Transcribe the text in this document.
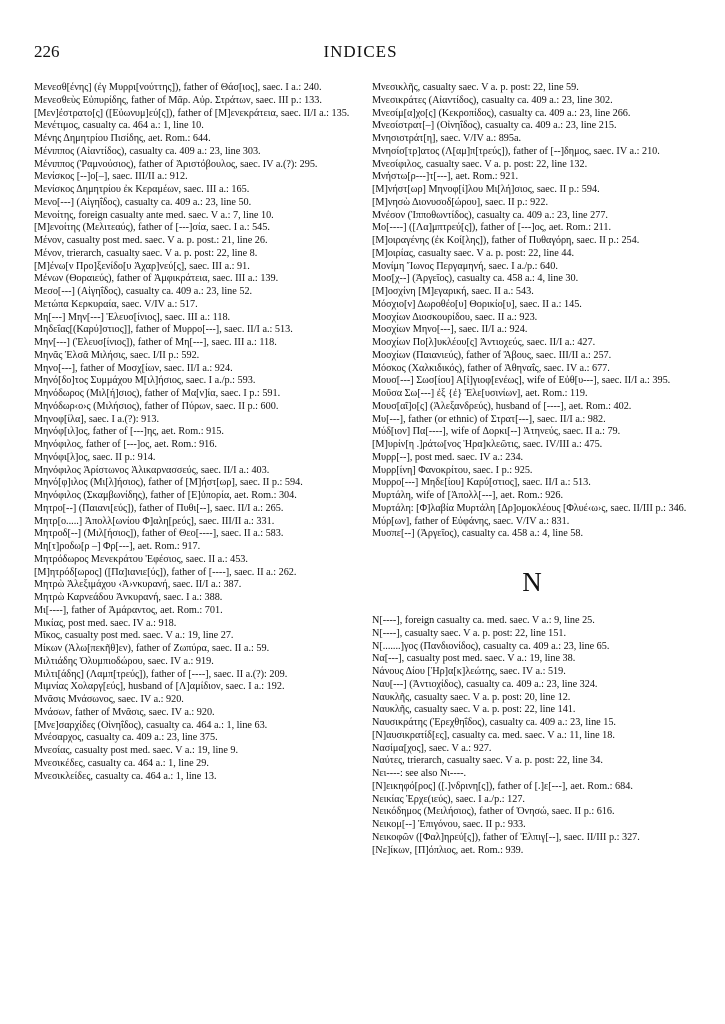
226	INDICES

Μενεσθ[ένης] (ἐγ Μυρρι[νούττης]), father of Θάσ[ιος], saec. I a.: 240.

Μενεσθεὺς Εὐπυρίδης, father of Μᾶρ. Αὐρ. Στράτων, saec. III p.: 133.

[Μεν]έστρατο[ς] ([Εὐωνυμ]εύ[ς]), father of [Μ]ενεκράτεια, saec. II/I a.: 135.

Μενέτιμος, casualty ca. 464 a.: 1, line 10.

Μένης Δημητρίου Πισίδης, aet. Rom.: 644.

Μένιππος (Αἰαντίδος), casualty ca. 409 a.: 23, line 303.

Μένιππος (Ῥαμνούσιος), father of Ἀριστόβουλος, saec. IV a.(?): 295.

Μενίσκος [--]ο[–], saec. III/II a.: 912.

Μενίσκος Δημητρίου ἐκ Κεραμέων, saec. III a.: 165.

Μενο[---] (Αἰγηΐδος), casualty ca. 409 a.: 23, line 50.

Μενοίτης, foreign casualty ante med. saec. V a.: 7, line 10.

[Μ]ενοίτης (Μελιτεαύς), father of [---]σία, saec. I a.: 545.

Μένον, casualty post med. saec. V a. p. post.: 21, line 26.

Μένον, trierarch, casualty saec. V a. p. post: 22, line 8.

[Μ]ένω[ν Προ]ξενίδο[υ Ἀχαρ]νεύ[ς], saec. III a.: 91.

Μένων (Θοραιεύς), father of Ἀμφικράτεια, saec. III a.: 139.

Μεσο[---] (Αἰγηΐδος), casualty ca. 409 a.: 23, line 52.

Μετώπα Κερκυραία, saec. V/IV a.: 517.

Μη[---] Μην[---] Ἐλευσ[ίνιος], saec. III a.: 118.

Μηδεΐας[(Καρύ]στιος]], father of Μυρρο[---], saec. II/I a.: 513.

Μην[---] (Ἐλευσ[ίνιος]), father of Μη[---], saec. III a.: 118.

Μηνᾶς Ἐλσᾶ Μιλήσις, saec. I/II p.: 592.

Μηνο[---], father of Μοσχ[ίων, saec. II/I a.: 924.

Μηνό[δο]τος Συμμάχου Μ[ιλ]ήσιος, saec. I a./p.: 593.

Μηνόδωρος (Μιλ[ή]σιος), father of Μα[ν]ία, saec. I p.: 591.

Μηνόδωρ‹ο›ς (Μιλήσιος), father of Πύρων, saec. II p.: 600.

Μηνοφ[ίλα], saec. I a.(?): 913.

Μηνόφ[ιλ]ος, father of [---]ης, aet. Rom.: 915.

Μηνόφιλος, father of [---]ος, aet. Rom.: 916.

Μηνόφι[λ]ος, saec. II p.: 914.

Μηνόφιλος Ἀρίστωνος Ἁλικαρνασσεύς, saec. II/I a.: 403.

Μηνό[φ]ιλος (Μι[λ]ήσιος), father of [Μ]ήστ[ωρ], saec. II p.: 594.

Μηνόφιλος (Σκαμβωνίδης), father of [Ε]ὐπορία, aet. Rom.: 304.

Μητρο[--] (Παιανι[εύς]), father of Πυθι[--], saec. II/I a.: 265.

Μητρ[ο.....] Ἀπολλ[ωνίου Φ]αλη[ρεύς], saec. III/II a.: 331.

Μητροδ[--] (Μιλ[ήσιος]), father of Θεο[----], saec. II a.: 583.

Μη[τ]ροδω[ρ –] Φρ[---], aet. Rom.: 917.

Μητρόδωρος Μενεκράτου Ἐφέσιος, saec. II a.: 453.

[Μ]ητρόδ[ωρος] ([Πα]ιανιε[ύς]), father of [----], saec. II a.: 262.

Μητρὼ Ἀλεξιμάχου ‹Ἀ›νκυρανή, saec. II/I a.: 387.

Μητρὼ Καρνεάδου Ἀνκυρανή, saec. I a.: 388.

Μι[----], father of Ἀμάραντος, aet. Rom.: 701.

Μικίας, post med. saec. IV a.: 918.

Μῖκος, casualty post med. saec. V a.: 19, line 27.

Μίκων (Ἀλω[πεκῆθ]εν), father of Ζωπύρα, saec. II a.: 59.

Μιλτιάδης Ὀλυμπιοδώρου, saec. IV a.: 919.

Μιλτι[άδης] (Λαμπ[τρεύς]), father of [----], saec. II a.(?): 209.

Μιμνίας Χολαργ[εύς], husband of [Λ]αμίδιον, saec. I a.: 192.

Μνᾶσις Μνάσωνος, saec. IV a.: 920.

Μνάσων, father of Μνᾶσις, saec. IV a.: 920.

[Μνε]σαρχίδες (Οἰνηΐδος), casualty ca. 464 a.: 1, line 63.

Μνέσαρχος, casualty ca. 409 a.: 23, line 375.

Μνεσίας, casualty post med. saec. V a.: 19, line 9.

Μνεσικέδες, casualty ca. 464 a.: 1, line 29.

Μνεσικλείδες, casualty ca. 464 a.: 1, line 13.

Μνεσικλῆς, casualty saec. V a. p. post: 22, line 59.

Μνεσικράτες (Αἰαντίδος), casualty ca. 409 a.: 23, line 302.

Μνεσίμ[α]χο[ς] (Κεκροπίδος), casualty ca. 409 a.: 23, line 266.

Μνεσίστρατ[–] (Οἰνηΐδος), casualty ca. 409 a.: 23, line 215.

Μνησιστράτ[η], saec. V/IV a.: 895a.

Μνησίσ[τρ]ατος (Λ[αμ]π[τρεύς]), father of [--]δημος, saec. IV a.: 210.

Μνεσίφιλος, casualty saec. V a. p. post: 22, line 132.

Μνήστω[ρ---]τ[---], aet. Rom.: 921.

[Μ]νήστ[ωρ] Μηνοφ[ί]λου Μι[λή]σιος, saec. II p.: 594.

[Μ]νησὼ Διονυσοδ[ώρου], saec. II p.: 922.

Μνέσον (Ἱπποθωντίδος), casualty ca. 409 a.: 23, line 277.

Μο[----] ([Λα]μπτρεύ[ς]), father of [---]ος, aet. Rom.: 211.

[Μ]οιραγένης (ἐκ Κοί[λης]), father of Πυθαγόρη, saec. II p.: 254.

[Μ]οιρίας, casualty saec. V a. p. post: 22, line 44.

Μονίμη Ἴωνος Περγαμηνή, saec. I a./p.: 640.

Μοσ[χ--] (Ἀργεῖος), casualty ca. 458 a.: 4, line 30.

[Μ]οσχίνη [Μ]εγαρική, saec. II a.: 543.

Μόσχιο[ν] Δωροθέο[υ] Θορικίο[υ], saec. II a.: 145.

Μοσχίων Διοσκουρίδου, saec. II a.: 923.

Μοσχίων Μηνο[---], saec. II/I a.: 924.

Μοσχίων Πο[λ]υκλέου[ς] Ἀντιοχεύς, saec. II/I a.: 427.

Μοσχίων (Παιανιεύς), father of Ἄβους, saec. III/II a.: 257.

Μόσκος (Χαλκιδικός), father of Ἀθηναΐς, saec. IV a.: 677.

Μουσ[---] Σωσ[ίου] Α[ἰ]γιοφ[ενέως], wife of Εὐθ[υ---], saec. II/I a.: 395.

Μοῦσα Σω[---] ἐξ {ἐ} Ἐλε[υσινίων], aet. Rom.: 119.

Μουσ[αῖ]ο[ς] (Ἀλεξανδρεύς), husband of [----], aet. Rom.: 402.

Μυ[---], father (or ethnic) of Στρατ[---], saec. II/I a.: 982.

Μύδ[ιον] Πα[----], wife of Δορκι[--] Ἀτηνεύς, saec. II a.: 79.

[Μ]υρίν[η .]ράτω[νος Ἡρα]κλεῶτις, saec. IV/III a.: 475.

Μυρρ[--], post med. saec. IV a.: 234.

Μυρρ[ίνη] Φανοκρίτου, saec. I p.: 925.

Μυρρο[---] Μηδε[ίου] Καρύ[στιος], saec. II/I a.: 513.

Μυρτάλη, wife of [Ἀπολλ[---], aet. Rom.: 926.

Μυρτάλη: [Φ]λαβία Μυρτάλη [Δρ]ομοκλέους [Φλυέ‹ω›ς, saec. II/III p.: 346.

Μύρ[ων], father of Εὐφάνης, saec. V/IV a.: 831.

Μυσπε[--] (Ἀργεῖος), casualty ca. 458 a.: 4, line 58.

N

Ν[----], foreign casualty ca. med. saec. V a.: 9, line 25.

Ν[----], casualty saec. V a. p. post: 22, line 151.

Ν[.......]γος (Πανδιονίδος), casualty ca. 409 a.: 23, line 65.

Να[---], casualty post med. saec. V a.: 19, line 38.

Νάνους Δίου [Ἡρ]α[κ]λεώτης, saec. IV a.: 519.

Ναυ[---] (Ἀντιοχίδος), casualty ca. 409 a.: 23, line 324.

Ναυκλῆς, casualty saec. V a. p. post: 20, line 12.

Ναυκλῆς, casualty saec. V a. p. post: 22, line 141.

Ναυσικράτης (Ἐρεχθηΐδος), casualty ca. 409 a.: 23, line 15.

[Ν]αυσικρατίδ[ες], casualty ca. med. saec. V a.: 11, line 18.

Νασίμα[χος], saec. V a.: 927.

Ναύτες, trierarch, casualty saec. V a. p. post: 22, line 34.

Νει----: see also Νι----.

[Ν]εικηφό[ρος] ([.]νδρινη[ς]), father of [.]ε[---], aet. Rom.: 684.

Νεικίας Ἐρχε(ιεύς), saec. I a./p.: 127.

Νεικόδημος (Μειλήσιος), father of Ὀνησώ, saec. II p.: 616.

Νεικομ[--] Ἐπιγόνου, saec. II p.: 933.

Νεικοφῶν ([Φαλ]ηρεύ[ς]), father of Ἐλπιγ[--], saec. II/III p.: 327.

[Νε]ίκων, [Π]όπλιος, aet. Rom.: 939.
